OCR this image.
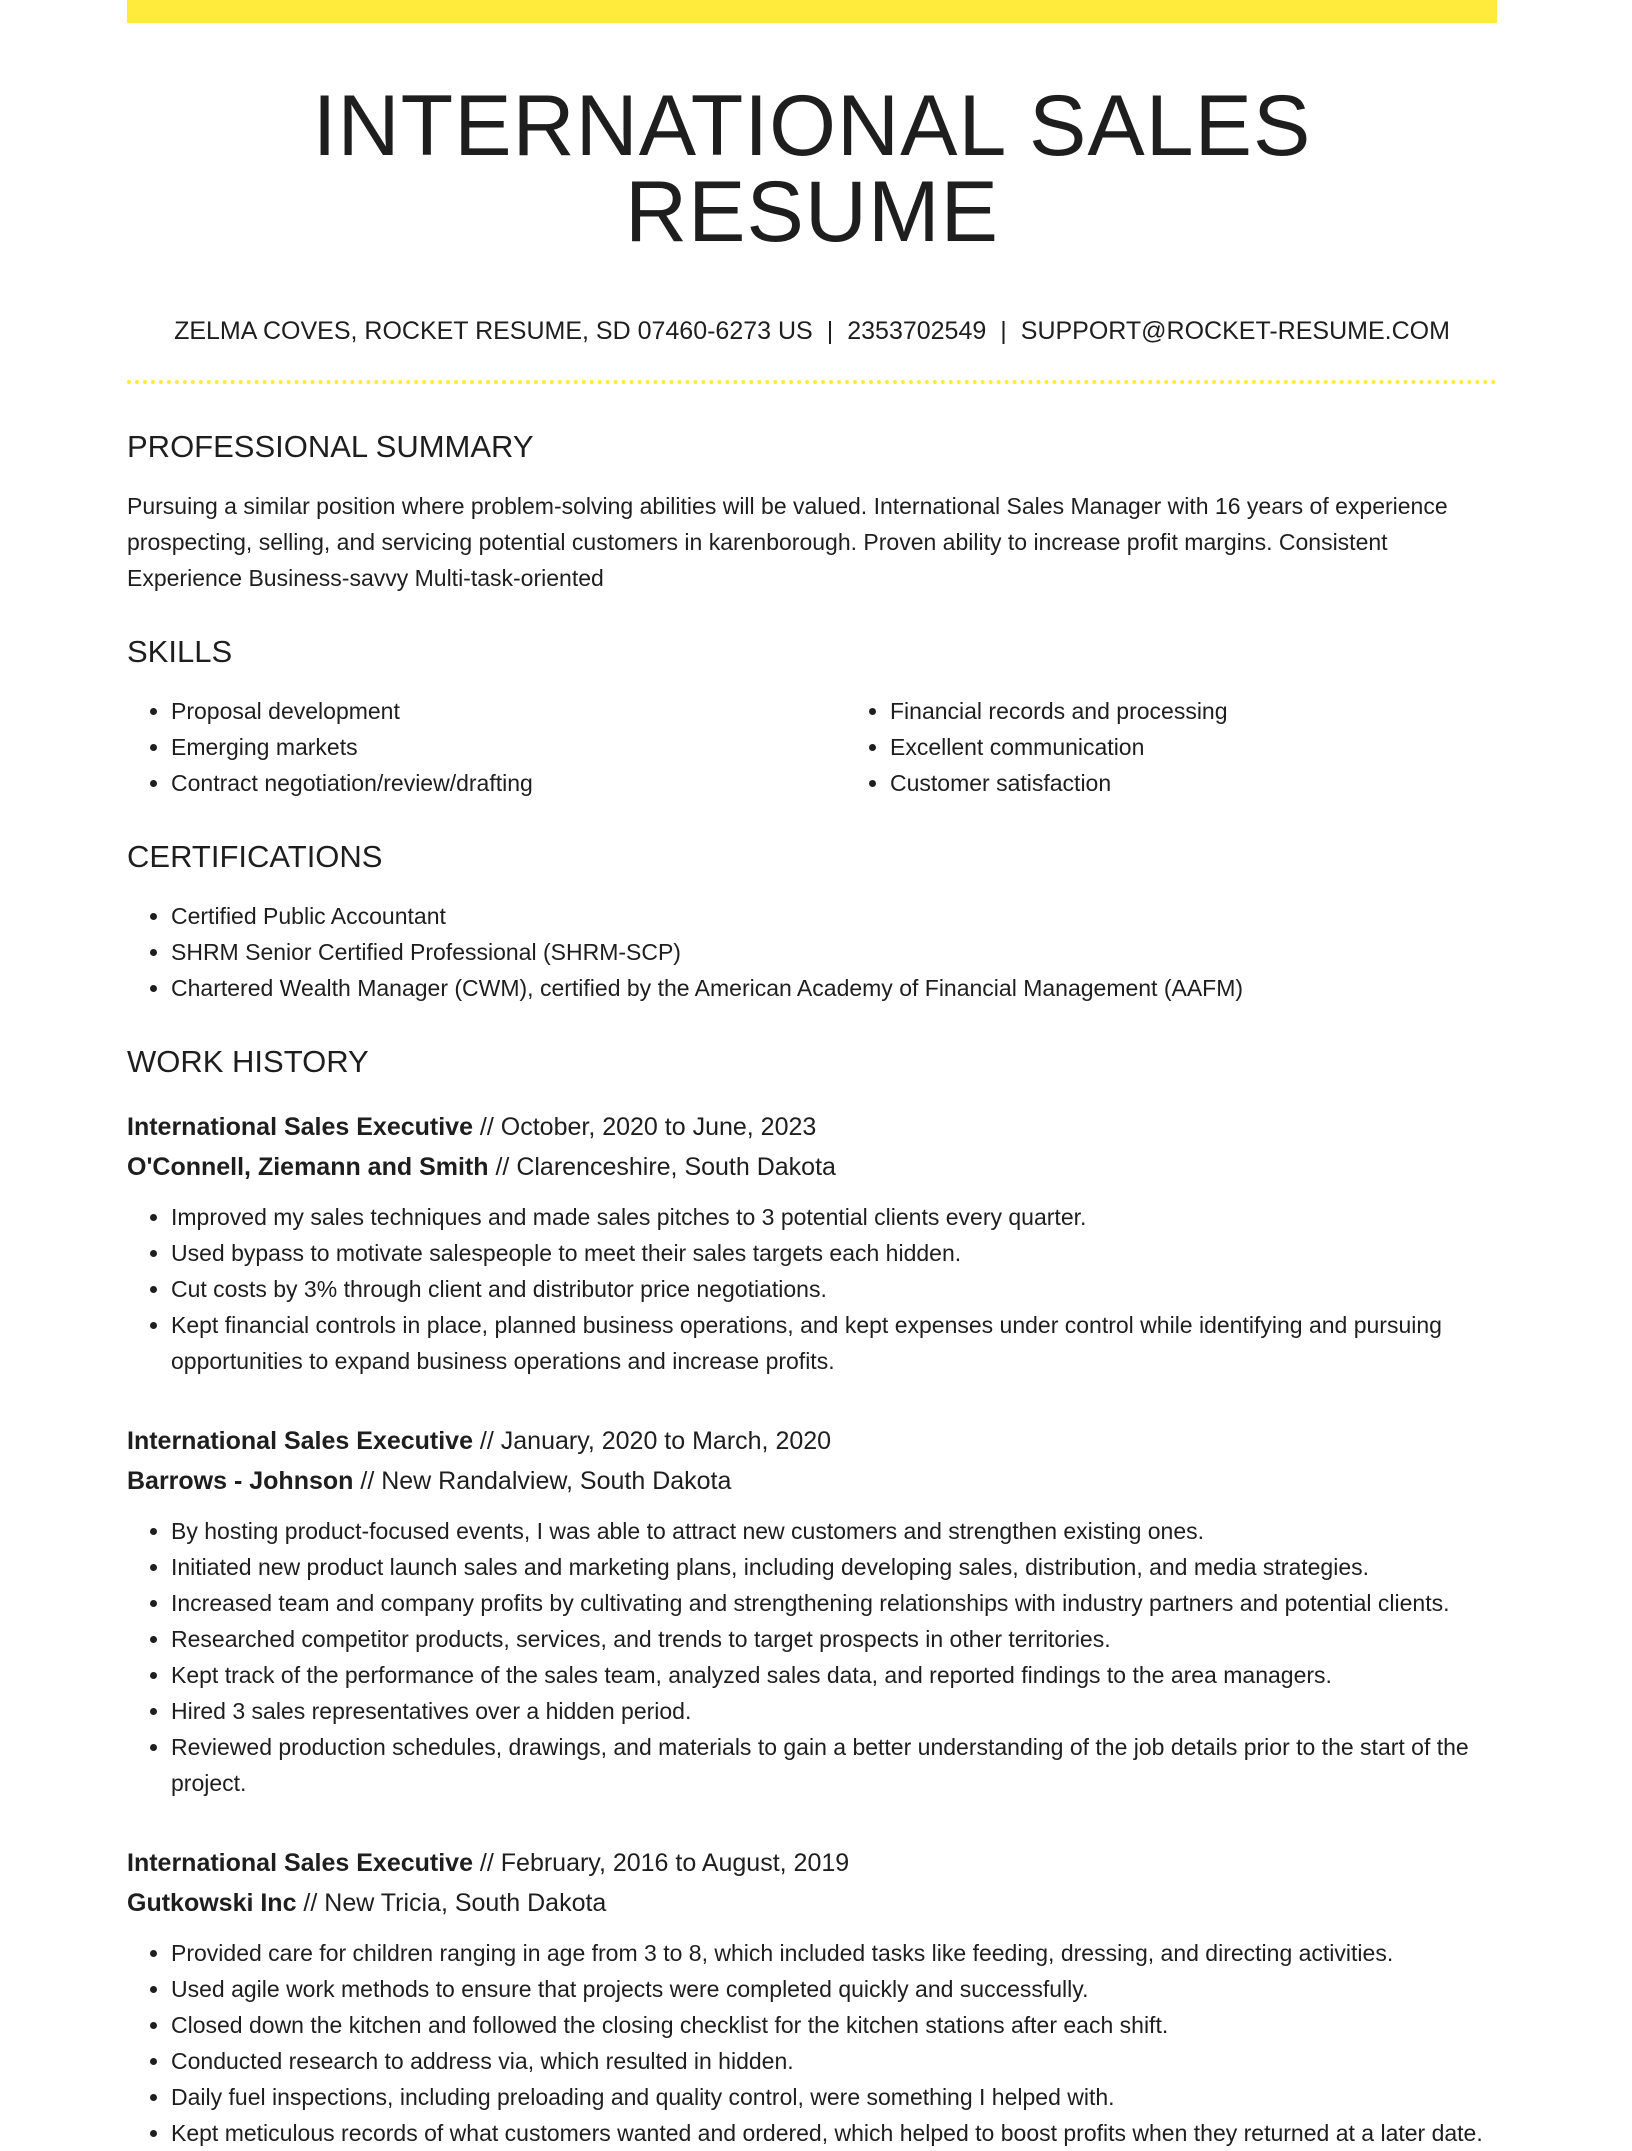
INTERNATIONAL SALES RESUME
ZELMA COVES, ROCKET RESUME, SD 07460-6273 US | 2353702549 | SUPPORT@ROCKET-RESUME.COM
PROFESSIONAL SUMMARY

Pursuing a similar position where problem-solving abilities will be valued. International Sales Manager with 16 years of experience prospecting, selling, and servicing potential customers in karenborough. Proven ability to increase profit margins. Consistent Experience Business-savvy Multi-task-oriented

SKILLS
• Proposal development
• Emerging markets
• Contract negotiation/review/drafting
• Financial records and processing
• Excellent communication
• Customer satisfaction
CERTIFICATIONS
• Certified Public Accountant
• SHRM Senior Certified Professional (SHRM-SCP)
• Chartered Wealth Manager (CWM), certified by the American Academy of Financial Management (AAFM)
WORK HISTORY
International Sales Executive // October, 2020 to June, 2023
O'Connell, Ziemann and Smith // Clarenceshire, South Dakota
• Improved my sales techniques and made sales pitches to 3 potential clients every quarter.
• Used bypass to motivate salespeople to meet their sales targets each hidden.
• Cut costs by 3% through client and distributor price negotiations.
• Kept financial controls in place, planned business operations, and kept expenses under control while identifying and pursuing opportunities to expand business operations and increase profits.
International Sales Executive // January, 2020 to March, 2020
Barrows - Johnson // New Randalview, South Dakota
• By hosting product-focused events, I was able to attract new customers and strengthen existing ones.
• Initiated new product launch sales and marketing plans, including developing sales, distribution, and media strategies.
• Increased team and company profits by cultivating and strengthening relationships with industry partners and potential clients.
• Researched competitor products, services, and trends to target prospects in other territories.
• Kept track of the performance of the sales team, analyzed sales data, and reported findings to the area managers.
• Hired 3 sales representatives over a hidden period.
• Reviewed production schedules, drawings, and materials to gain a better understanding of the job details prior to the start of the project.
International Sales Executive // February, 2016 to August, 2019
Gutkowski Inc // New Tricia, South Dakota
• Provided care for children ranging in age from 3 to 8, which included tasks like feeding, dressing, and directing activities.
• Used agile work methods to ensure that projects were completed quickly and successfully.
• Closed down the kitchen and followed the closing checklist for the kitchen stations after each shift.
• Conducted research to address via, which resulted in hidden.
• Daily fuel inspections, including preloading and quality control, were something I helped with.
• Kept meticulous records of what customers wanted and ordered, which helped to boost profits when they returned at a later date.
